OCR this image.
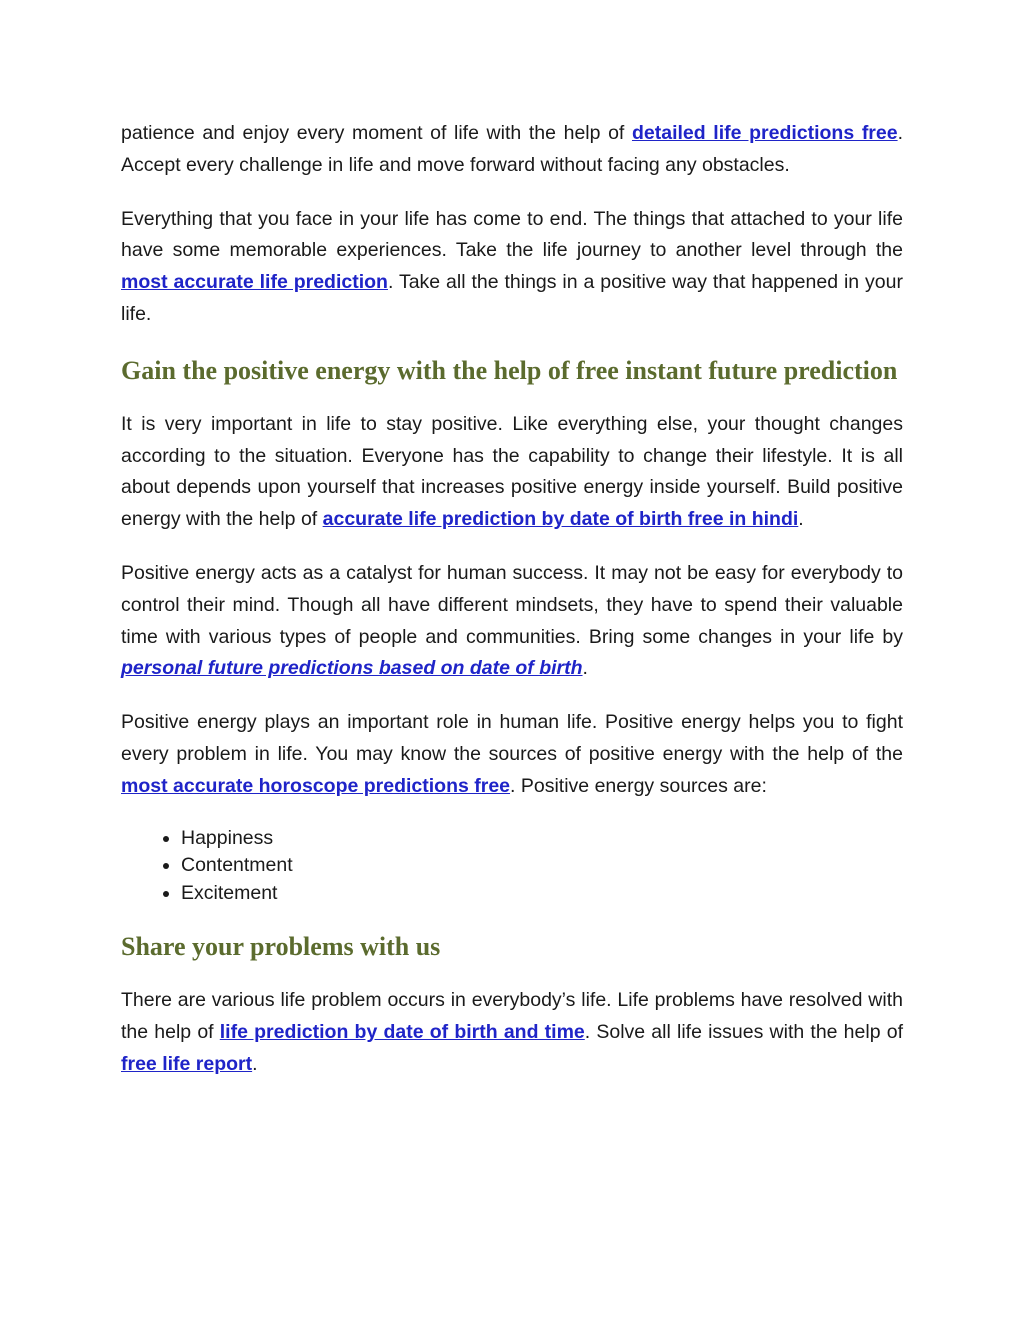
patience and enjoy every moment of life with the help of detailed life predictions free. Accept every challenge in life and move forward without facing any obstacles.

Everything that you face in your life has come to end. The things that attached to your life have some memorable experiences. Take the life journey to another level through the most accurate life prediction. Take all the things in a positive way that happened in your life.

Gain the positive energy with the help of free instant future prediction

It is very important in life to stay positive. Like everything else, your thought changes according to the situation. Everyone has the capability to change their lifestyle. It is all about depends upon yourself that increases positive energy inside yourself. Build positive energy with the help of accurate life prediction by date of birth free in hindi.

Positive energy acts as a catalyst for human success. It may not be easy for everybody to control their mind. Though all have different mindsets, they have to spend their valuable time with various types of people and communities. Bring some changes in your life by personal future predictions based on date of birth.

Positive energy plays an important role in human life. Positive energy helps you to fight every problem in life. You may know the sources of positive energy with the help of the most accurate horoscope predictions free. Positive energy sources are:

• Happiness
• Contentment
• Excitement
Share your problems with us

There are various life problem occurs in everybody’s life. Life problems have resolved with the help of life prediction by date of birth and time. Solve all life issues with the help of free life report.
